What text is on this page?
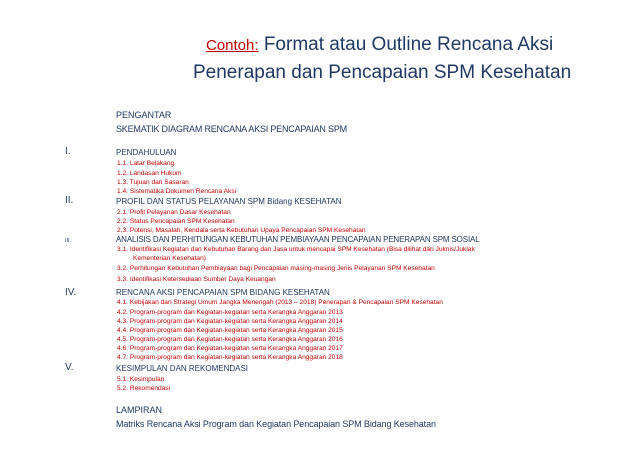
Contoh: Format atau Outline Rencana Aksi
Penerapan dan Pencapaian SPM Kesehatan
PENGANTAR
SKEMATIK DIAGRAM RENCANA AKSI PENCAPAIAN SPM
I.	PENDAHULUAN
1.1. Latar Belakang
1.2. Landasan Hukum
1.3. Tujuan dan Sasaran
1.4. Sistematika Dokumen Rencana Aksi
II.	PROFIL DAN STATUS PELAYANAN SPM Bidang KESEHATAN
2.1. Profil Pelayanan Dasar Kesehatan
2.2. Status Pencapaian SPM Kesehatan
2.3. Potensi, Masalah, Kendala serta Kebutuhan Upaya Pencapaian SPM Kesehatan
III.	ANALISIS DAN PERHITUNGAN KEBUTUHAN PEMBIAYAAN PENCAPAIAN PENERAPAN SPM SOSIAL
3.1. Identifikasi Kegiatan dan Kebutuhan Barang dan Jasa untuk mencapai SPM Kesehatan (Bisa dilihat dari Juknis/Juklak
Kementerian Kesehatan)
3.2. Perhitungan Kebutuhan Pembiayaan bagi Pencapaian masing-masing Jenis Pelayanan SPM Kesehatan
3.3. Identifikasi Ketersediaan Sumber Daya Keuangan
IV.	RENCANA AKSI PENCAPAIAN SPM BIDANG KESEHATAN
4.1. Kebijakan dan Strategi Umum Jangka Menengah (2013 – 2018) Penerapan & Pencapaian SPM Kesehatan
4.2. Program-program dan Kegiatan-kegiatan serta Kerangka Anggaran 2013
4.3. Program-program dan Kegiatan-kegiatan serta Kerangka Anggaran 2014
4.4. Program-program dan Kegiatan-kegiatan serta Kerangka Anggaran 2015
4.5. Program-program dan Kegiatan-kegiatan serta Kerangka Anggaran 2016
4.6. Program-program dan Kegiatan-kegiatan serta Kerangka Anggaran 2017
4.7. Program-program dan Kegiatan-kegiatan serta Kerangka Anggaran 2018
V.	KESIMPULAN DAN REKOMENDASI
5.1. Kesimpulan
5.2. Rekomendasi
LAMPIRAN
Matriks Rencana Aksi Program dan Kegiatan Pencapaian SPM Bidang Kesehatan
